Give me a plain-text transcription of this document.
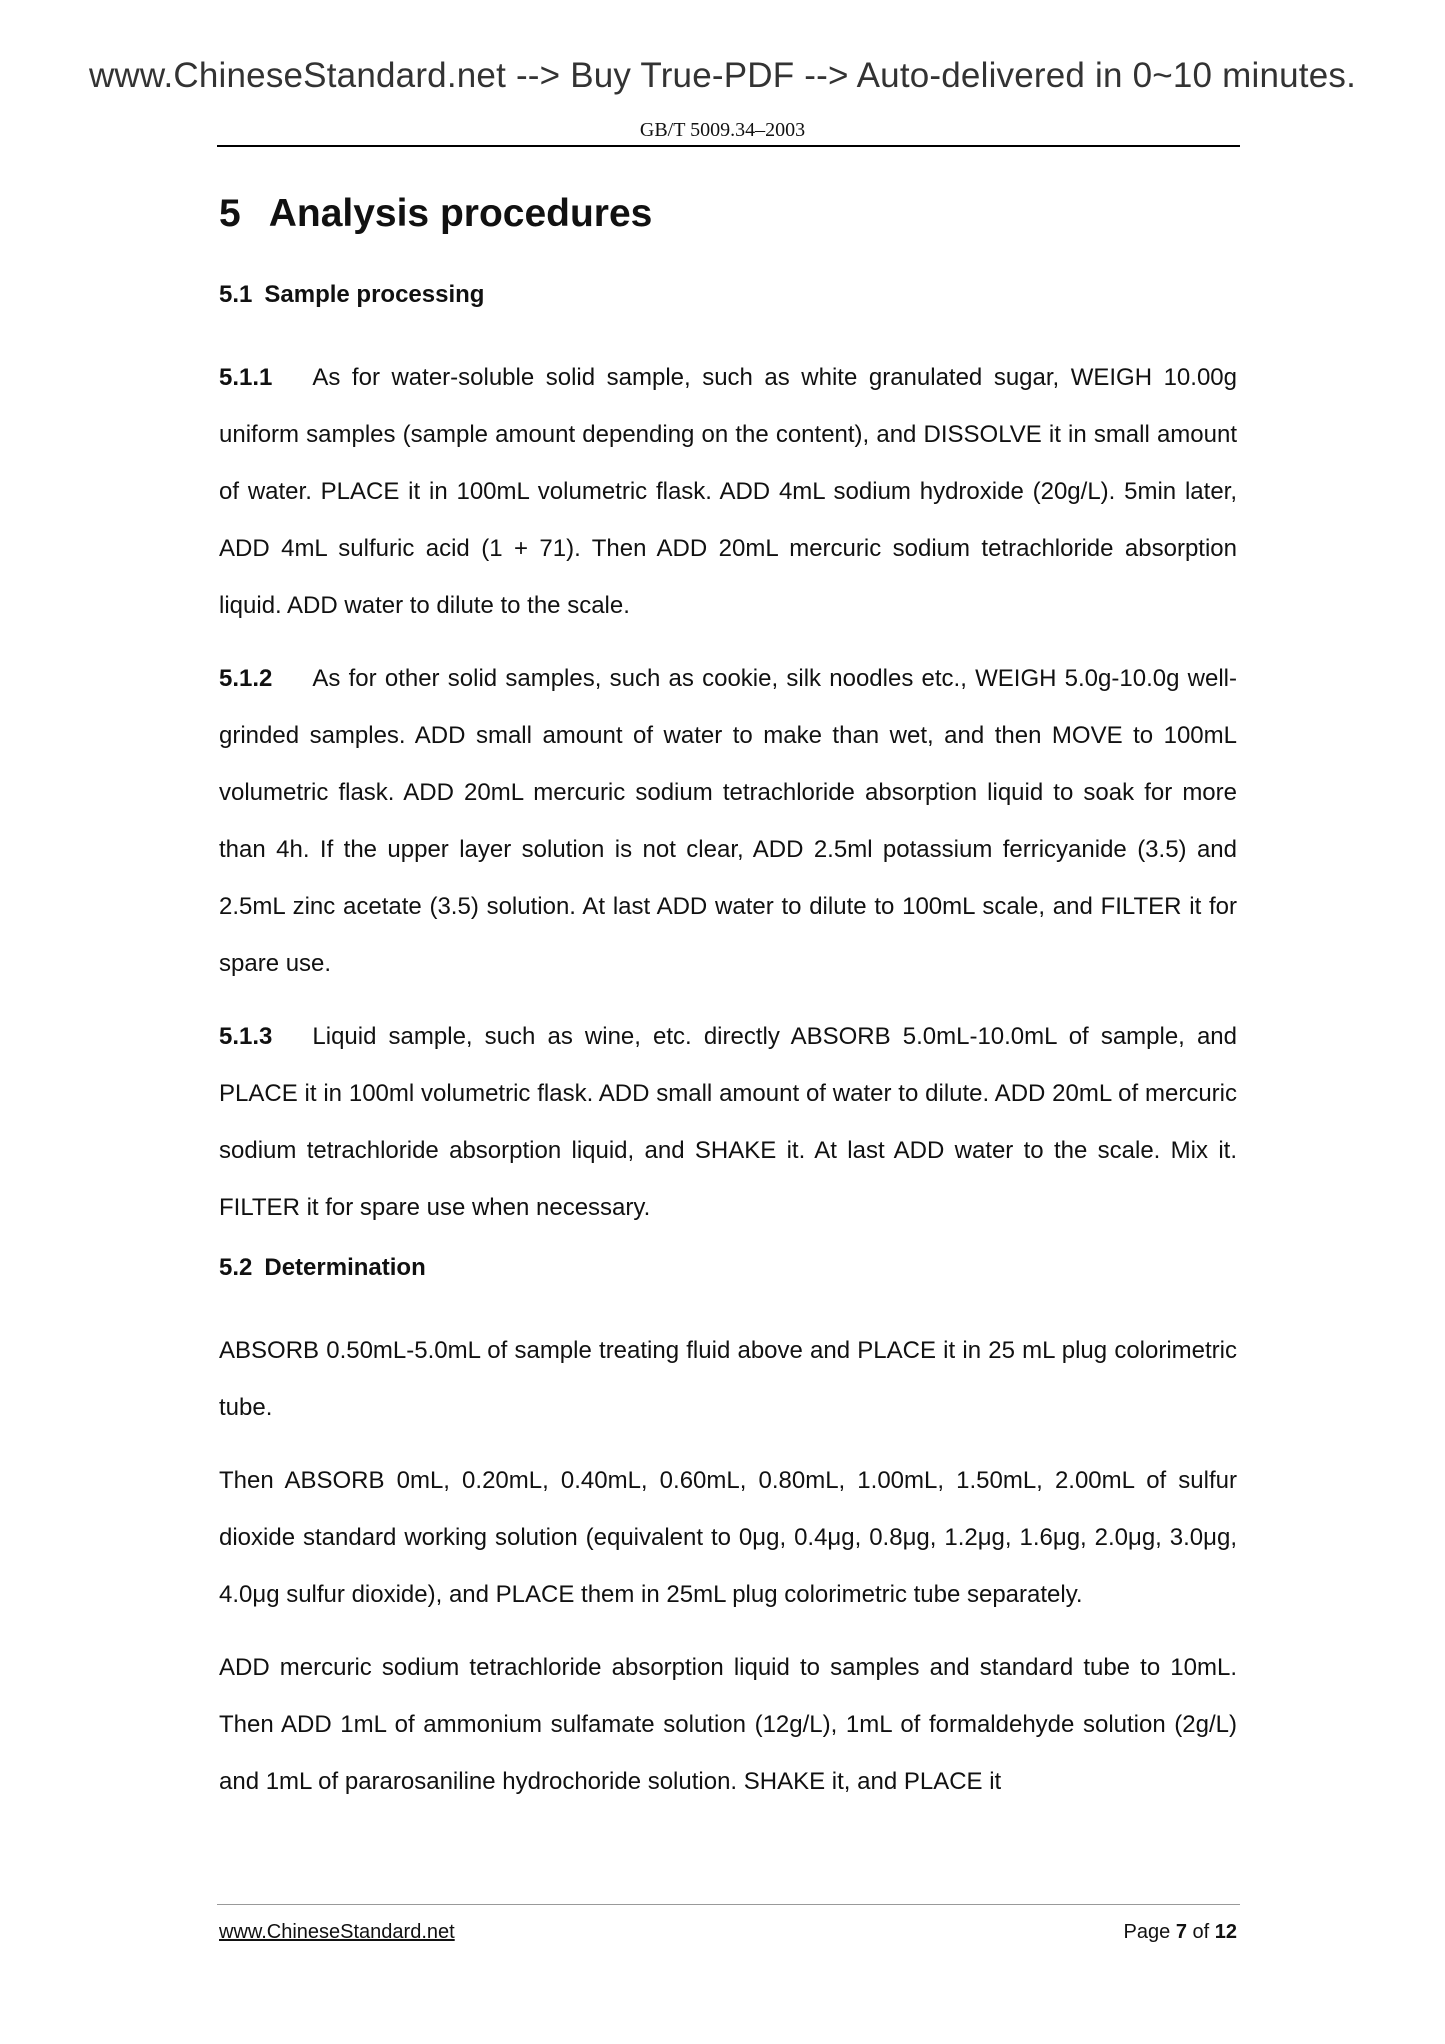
www.ChineseStandard.net --> Buy True-PDF --> Auto-delivered in 0~10 minutes.
GB/T 5009.34–2003
5 Analysis procedures
5.1 Sample processing

5.1.1 As for water-soluble solid sample, such as white granulated sugar, WEIGH 10.00g uniform samples (sample amount depending on the content), and DISSOLVE it in small amount of water. PLACE it in 100mL volumetric flask. ADD 4mL sodium hydroxide (20g/L). 5min later, ADD 4mL sulfuric acid (1 + 71). Then ADD 20mL mercuric sodium tetrachloride absorption liquid. ADD water to dilute to the scale.

5.1.2 As for other solid samples, such as cookie, silk noodles etc., WEIGH 5.0g-10.0g well-grinded samples. ADD small amount of water to make than wet, and then MOVE to 100mL volumetric flask. ADD 20mL mercuric sodium tetrachloride absorption liquid to soak for more than 4h. If the upper layer solution is not clear, ADD 2.5ml potassium ferricyanide (3.5) and 2.5mL zinc acetate (3.5) solution. At last ADD water to dilute to 100mL scale, and FILTER it for spare use.

5.1.3 Liquid sample, such as wine, etc. directly ABSORB 5.0mL-10.0mL of sample, and PLACE it in 100ml volumetric flask. ADD small amount of water to dilute. ADD 20mL of mercuric sodium tetrachloride absorption liquid, and SHAKE it. At last ADD water to the scale. Mix it. FILTER it for spare use when necessary.

5.2 Determination

ABSORB 0.50mL-5.0mL of sample treating fluid above and PLACE it in 25 mL plug colorimetric tube.

Then ABSORB 0mL, 0.20mL, 0.40mL, 0.60mL, 0.80mL, 1.00mL, 1.50mL, 2.00mL of sulfur dioxide standard working solution (equivalent to 0μg, 0.4μg, 0.8μg, 1.2μg, 1.6μg, 2.0μg, 3.0μg, 4.0μg sulfur dioxide), and PLACE them in 25mL plug colorimetric tube separately.

ADD mercuric sodium tetrachloride absorption liquid to samples and standard tube to 10mL. Then ADD 1mL of ammonium sulfamate solution (12g/L), 1mL of formaldehyde solution (2g/L) and 1mL of pararosaniline hydrochoride solution. SHAKE it, and PLACE it

www.ChineseStandard.net	Page 7 of 12
